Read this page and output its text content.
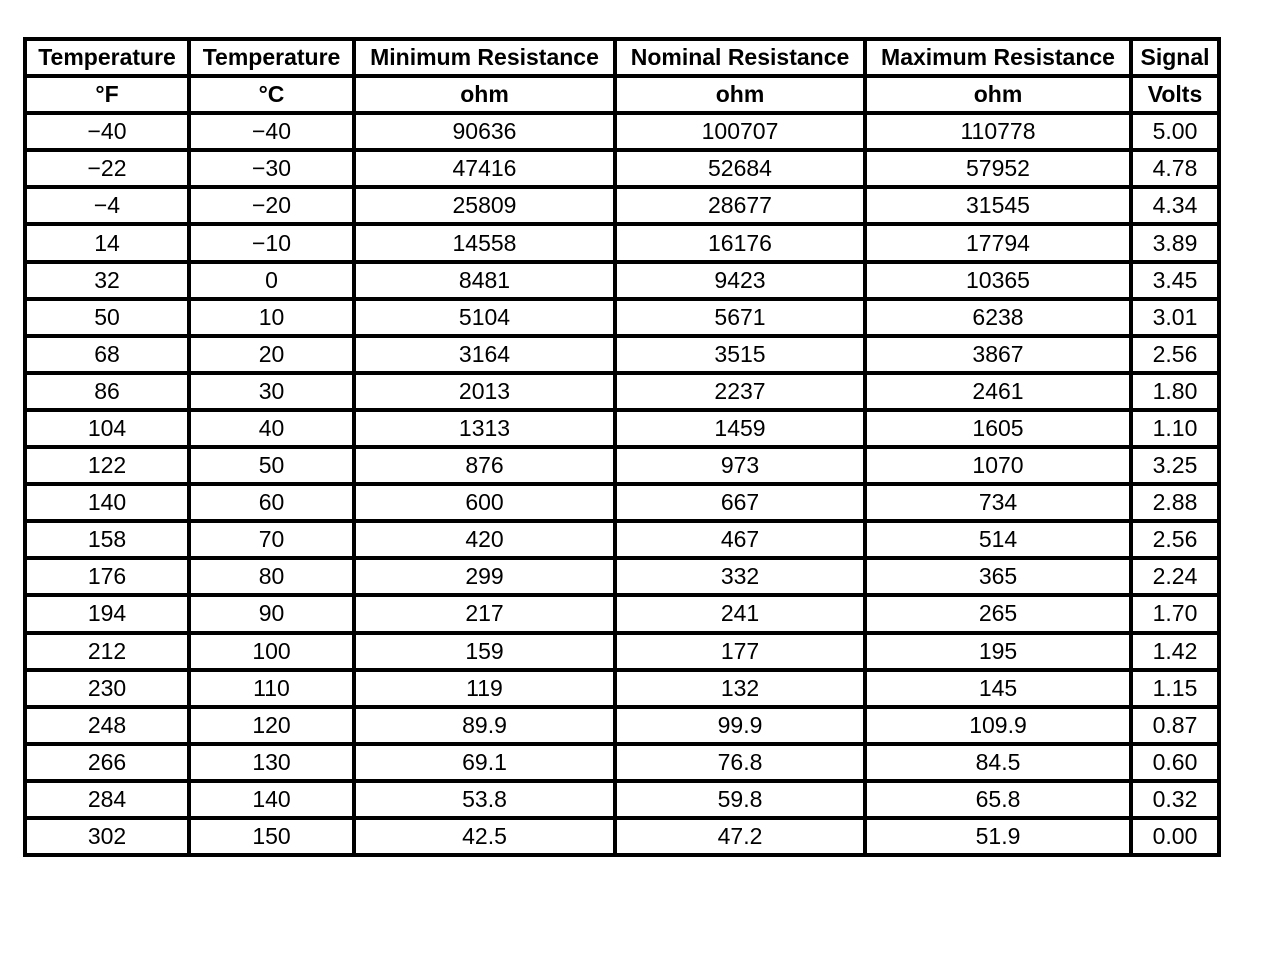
Temperature	Temperature	Minimum Resistance	Nominal Resistance	Maximum Resistance	Signal
°F	°C	ohm	ohm	ohm	Volts
−40	−40	90636	100707	110778	5.00
−22	−30	47416	52684	57952	4.78
−4	−20	25809	28677	31545	4.34
14	−10	14558	16176	17794	3.89
32	0	8481	9423	10365	3.45
50	10	5104	5671	6238	3.01
68	20	3164	3515	3867	2.56
86	30	2013	2237	2461	1.80
104	40	1313	1459	1605	1.10
122	50	876	973	1070	3.25
140	60	600	667	734	2.88
158	70	420	467	514	2.56
176	80	299	332	365	2.24
194	90	217	241	265	1.70
212	100	159	177	195	1.42
230	110	119	132	145	1.15
248	120	89.9	99.9	109.9	0.87
266	130	69.1	76.8	84.5	0.60
284	140	53.8	59.8	65.8	0.32
302	150	42.5	47.2	51.9	0.00
